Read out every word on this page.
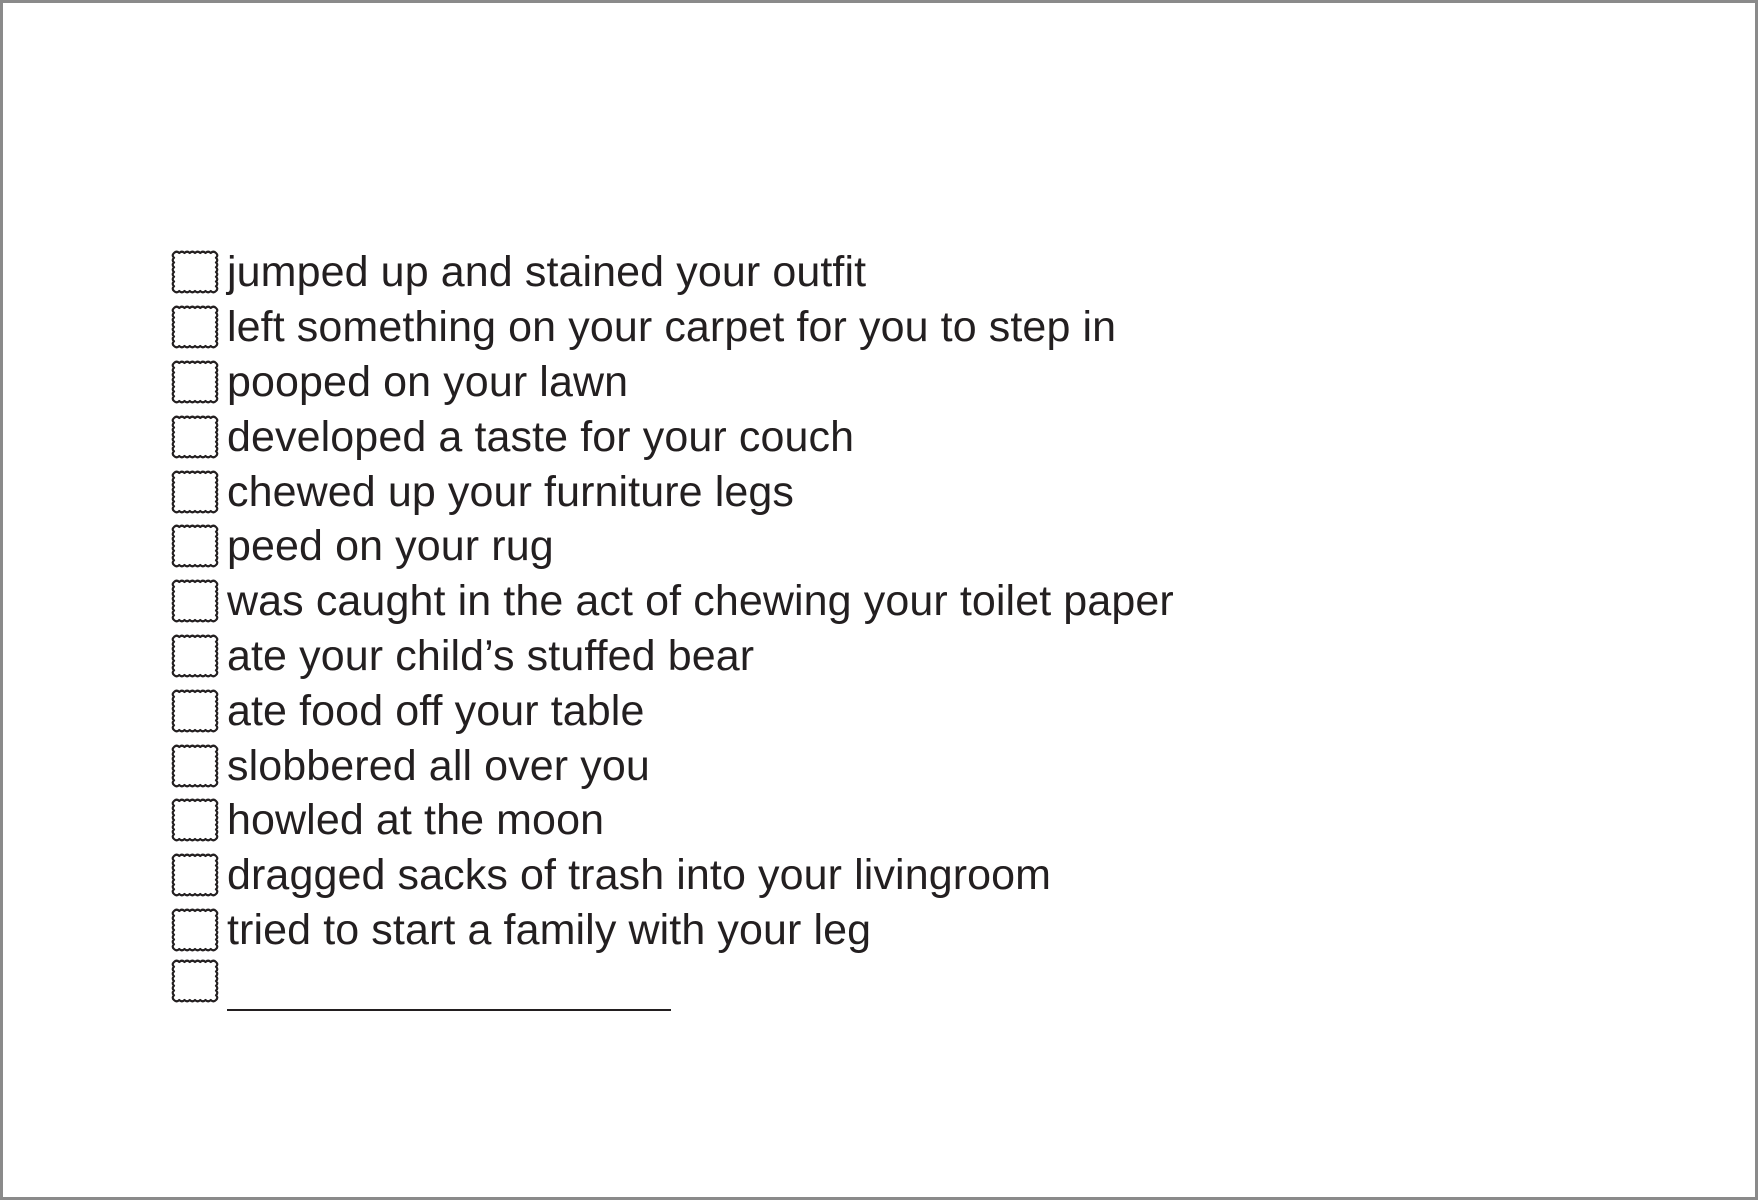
jumped up and stained your outfit
left something on your carpet for you to step in
pooped on your lawn
developed a taste for your couch
chewed up your furniture legs
peed on your rug
was caught in the act of chewing your toilet paper
ate your child’s stuffed bear
ate food off your table
slobbered all over you
howled at the moon
dragged sacks of trash into your livingroom
tried to start a family with your leg
